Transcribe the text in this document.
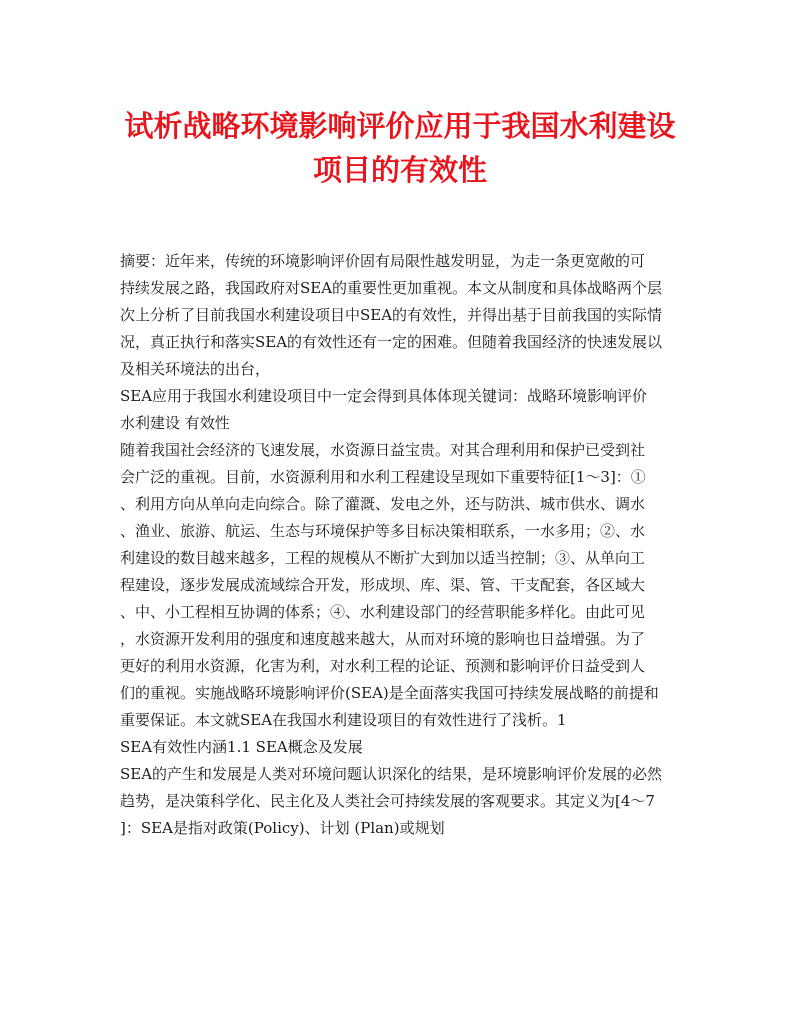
试析战略环境影响评价应用于我国水利建设
项目的有效性
摘要：近年来，传统的环境影响评价固有局限性越发明显，为走一条更宽敞的可
持续发展之路，我国政府对SEA的重要性更加重视。本文从制度和具体战略两个层
次上分析了目前我国水利建设项目中SEA的有效性，并得出基于目前我国的实际情
况，真正执行和落实SEA的有效性还有一定的困难。但随着我国经济的快速发展以
及相关环境法的出台，
SEA应用于我国水利建设项目中一定会得到具体体现关键词：战略环境影响评价
水利建设 有效性
随着我国社会经济的飞速发展，水资源日益宝贵。对其合理利用和保护已受到社
会广泛的重视。目前，水资源利用和水利工程建设呈现如下重要特征[1～3]：①
、利用方向从单向走向综合。除了灌溉、发电之外，还与防洪、城市供水、调水
、渔业、旅游、航运、生态与环境保护等多目标决策相联系，一水多用；②、水
利建设的数目越来越多，工程的规模从不断扩大到加以适当控制；③、从单向工
程建设，逐步发展成流域综合开发，形成坝、库、渠、管、干支配套，各区域大
、中、小工程相互协调的体系；④、水利建设部门的经营职能多样化。由此可见
，水资源开发利用的强度和速度越来越大，从而对环境的影响也日益增强。为了
更好的利用水资源，化害为利，对水利工程的论证、预测和影响评价日益受到人
们的重视。实施战略环境影响评价(SEA)是全面落实我国可持续发展战略的前提和
重要保证。本文就SEA在我国水利建设项目的有效性进行了浅析。1
SEA有效性内涵1.1 SEA概念及发展
SEA的产生和发展是人类对环境问题认识深化的结果，是环境影响评价发展的必然
趋势，是决策科学化、民主化及人类社会可持续发展的客观要求。其定义为[4～7
]：SEA是指对政策(Policy)、计划 (Plan)或规划
